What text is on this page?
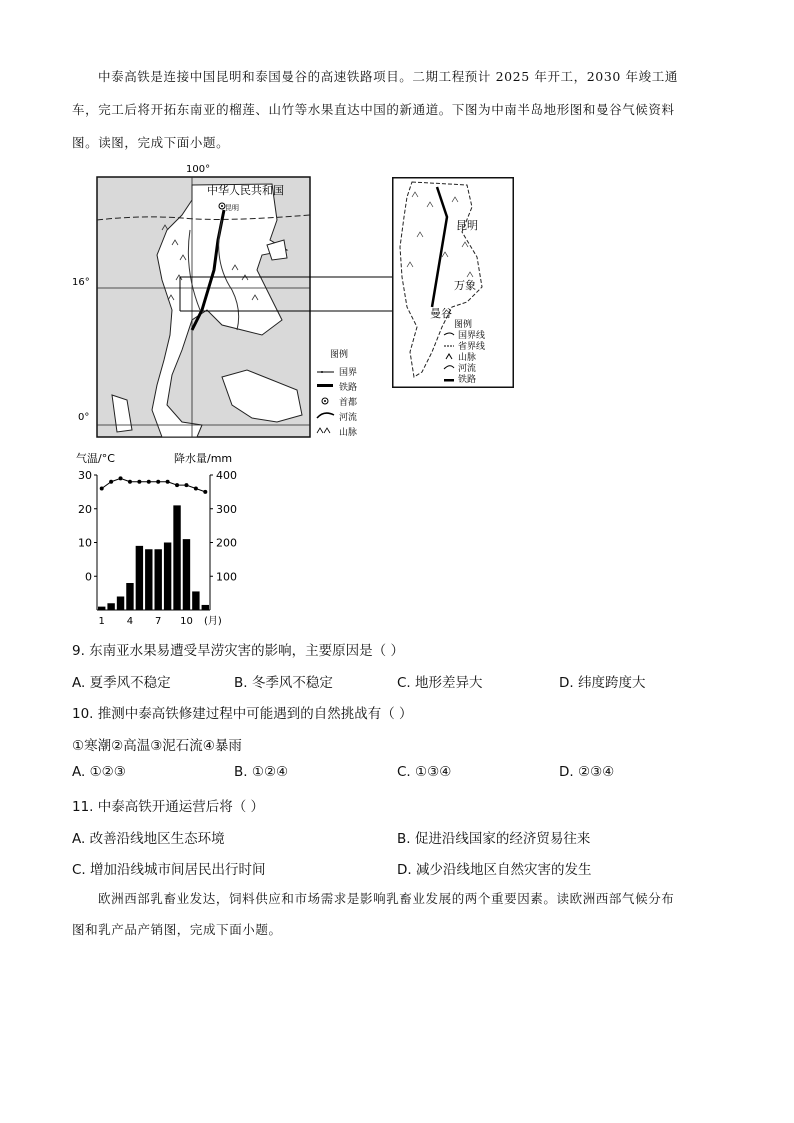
中泰高铁是连接中国昆明和泰国曼谷的高速铁路项目。二期工程预计 2025 年开工，2030 年竣工通
车，完工后将开拓东南亚的榴莲、山竹等水果直达中国的新通道。下图为中南半岛地形图和曼谷气候资料
图。读图，完成下面小题。
中华人民共和国
昆明
100°
16°
0°
图例
国界
铁路
首都
河流
山脉
昆明
万象
曼谷
图例
国界线
省界线
山脉
河流
铁路
气温/°C	降水量/mm
30
20
10
0
400
300
200
100
1 4 7 10 (月)
9. 东南亚水果易遭受旱涝灾害的影响，主要原因是（ ）
A. 夏季风不稳定	B. 冬季风不稳定	C. 地形差异大	D. 纬度跨度大
10. 推测中泰高铁修建过程中可能遇到的自然挑战有（ ）
①寒潮②高温③泥石流④暴雨
A. ①②③	B. ①②④	C. ①③④	D. ②③④
11. 中泰高铁开通运营后将（ ）
A. 改善沿线地区生态环境	B. 促进沿线国家的经济贸易往来
C. 增加沿线城市间居民出行时间	D. 减少沿线地区自然灾害的发生
欧洲西部乳畜业发达，饲料供应和市场需求是影响乳畜业发展的两个重要因素。读欧洲西部气候分布
图和乳产品产销图，完成下面小题。
